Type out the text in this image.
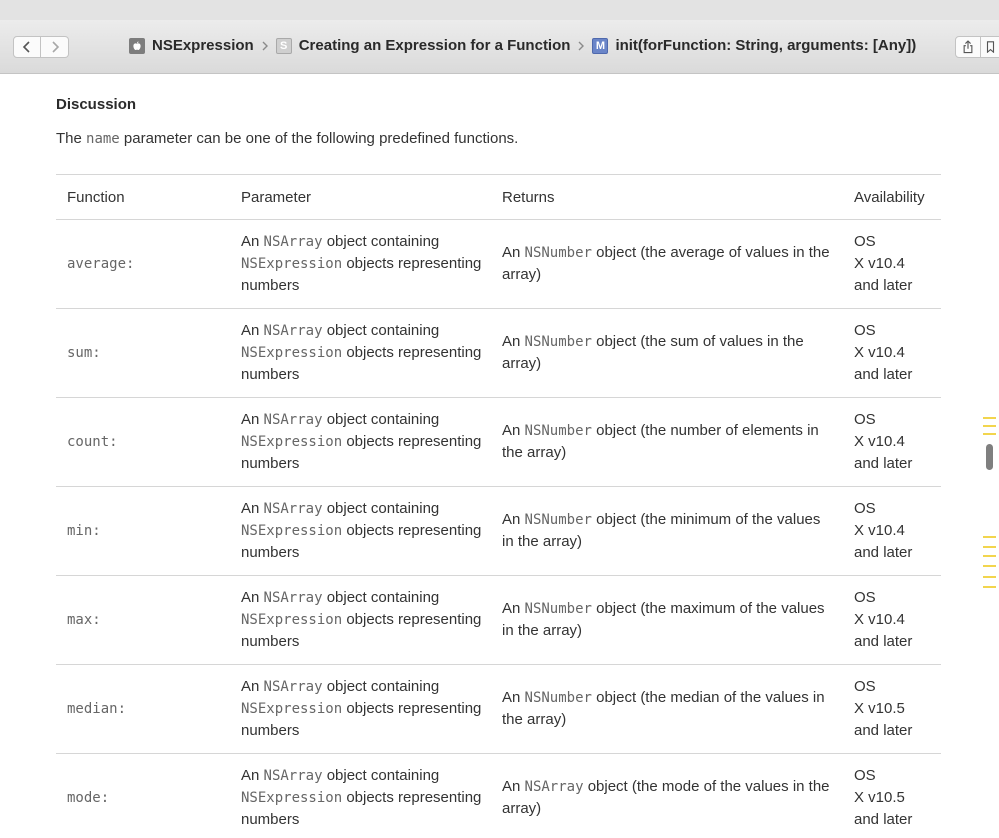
NSExpression	S Creating an Expression for a Function	M init(forFunction: String, arguments: [Any])
Discussion
The name parameter can be one of the following predefined functions.
Function	Parameter	Returns	Availability
average:	An NSArray object containing NSExpression objects representing numbers	An NSNumber object (the average of values in the array)	OS
X v10.4
and later

sum:	An NSArray object containing NSExpression objects representing numbers	An NSNumber object (the sum of values in the array)	OS
X v10.4
and later

count:	An NSArray object containing NSExpression objects representing numbers	An NSNumber object (the number of elements in the array)	OS
X v10.4
and later

min:	An NSArray object containing NSExpression objects representing numbers	An NSNumber object (the minimum of the values in the array)	OS
X v10.4
and later

max:	An NSArray object containing NSExpression objects representing numbers	An NSNumber object (the maximum of the values in the array)	OS
X v10.4
and later

median:	An NSArray object containing NSExpression objects representing numbers	An NSNumber object (the median of the values in the array)	OS
X v10.5
and later

mode:	An NSArray object containing NSExpression objects representing numbers	An NSArray object (the mode of the values in the array)	OS
X v10.5
and later
